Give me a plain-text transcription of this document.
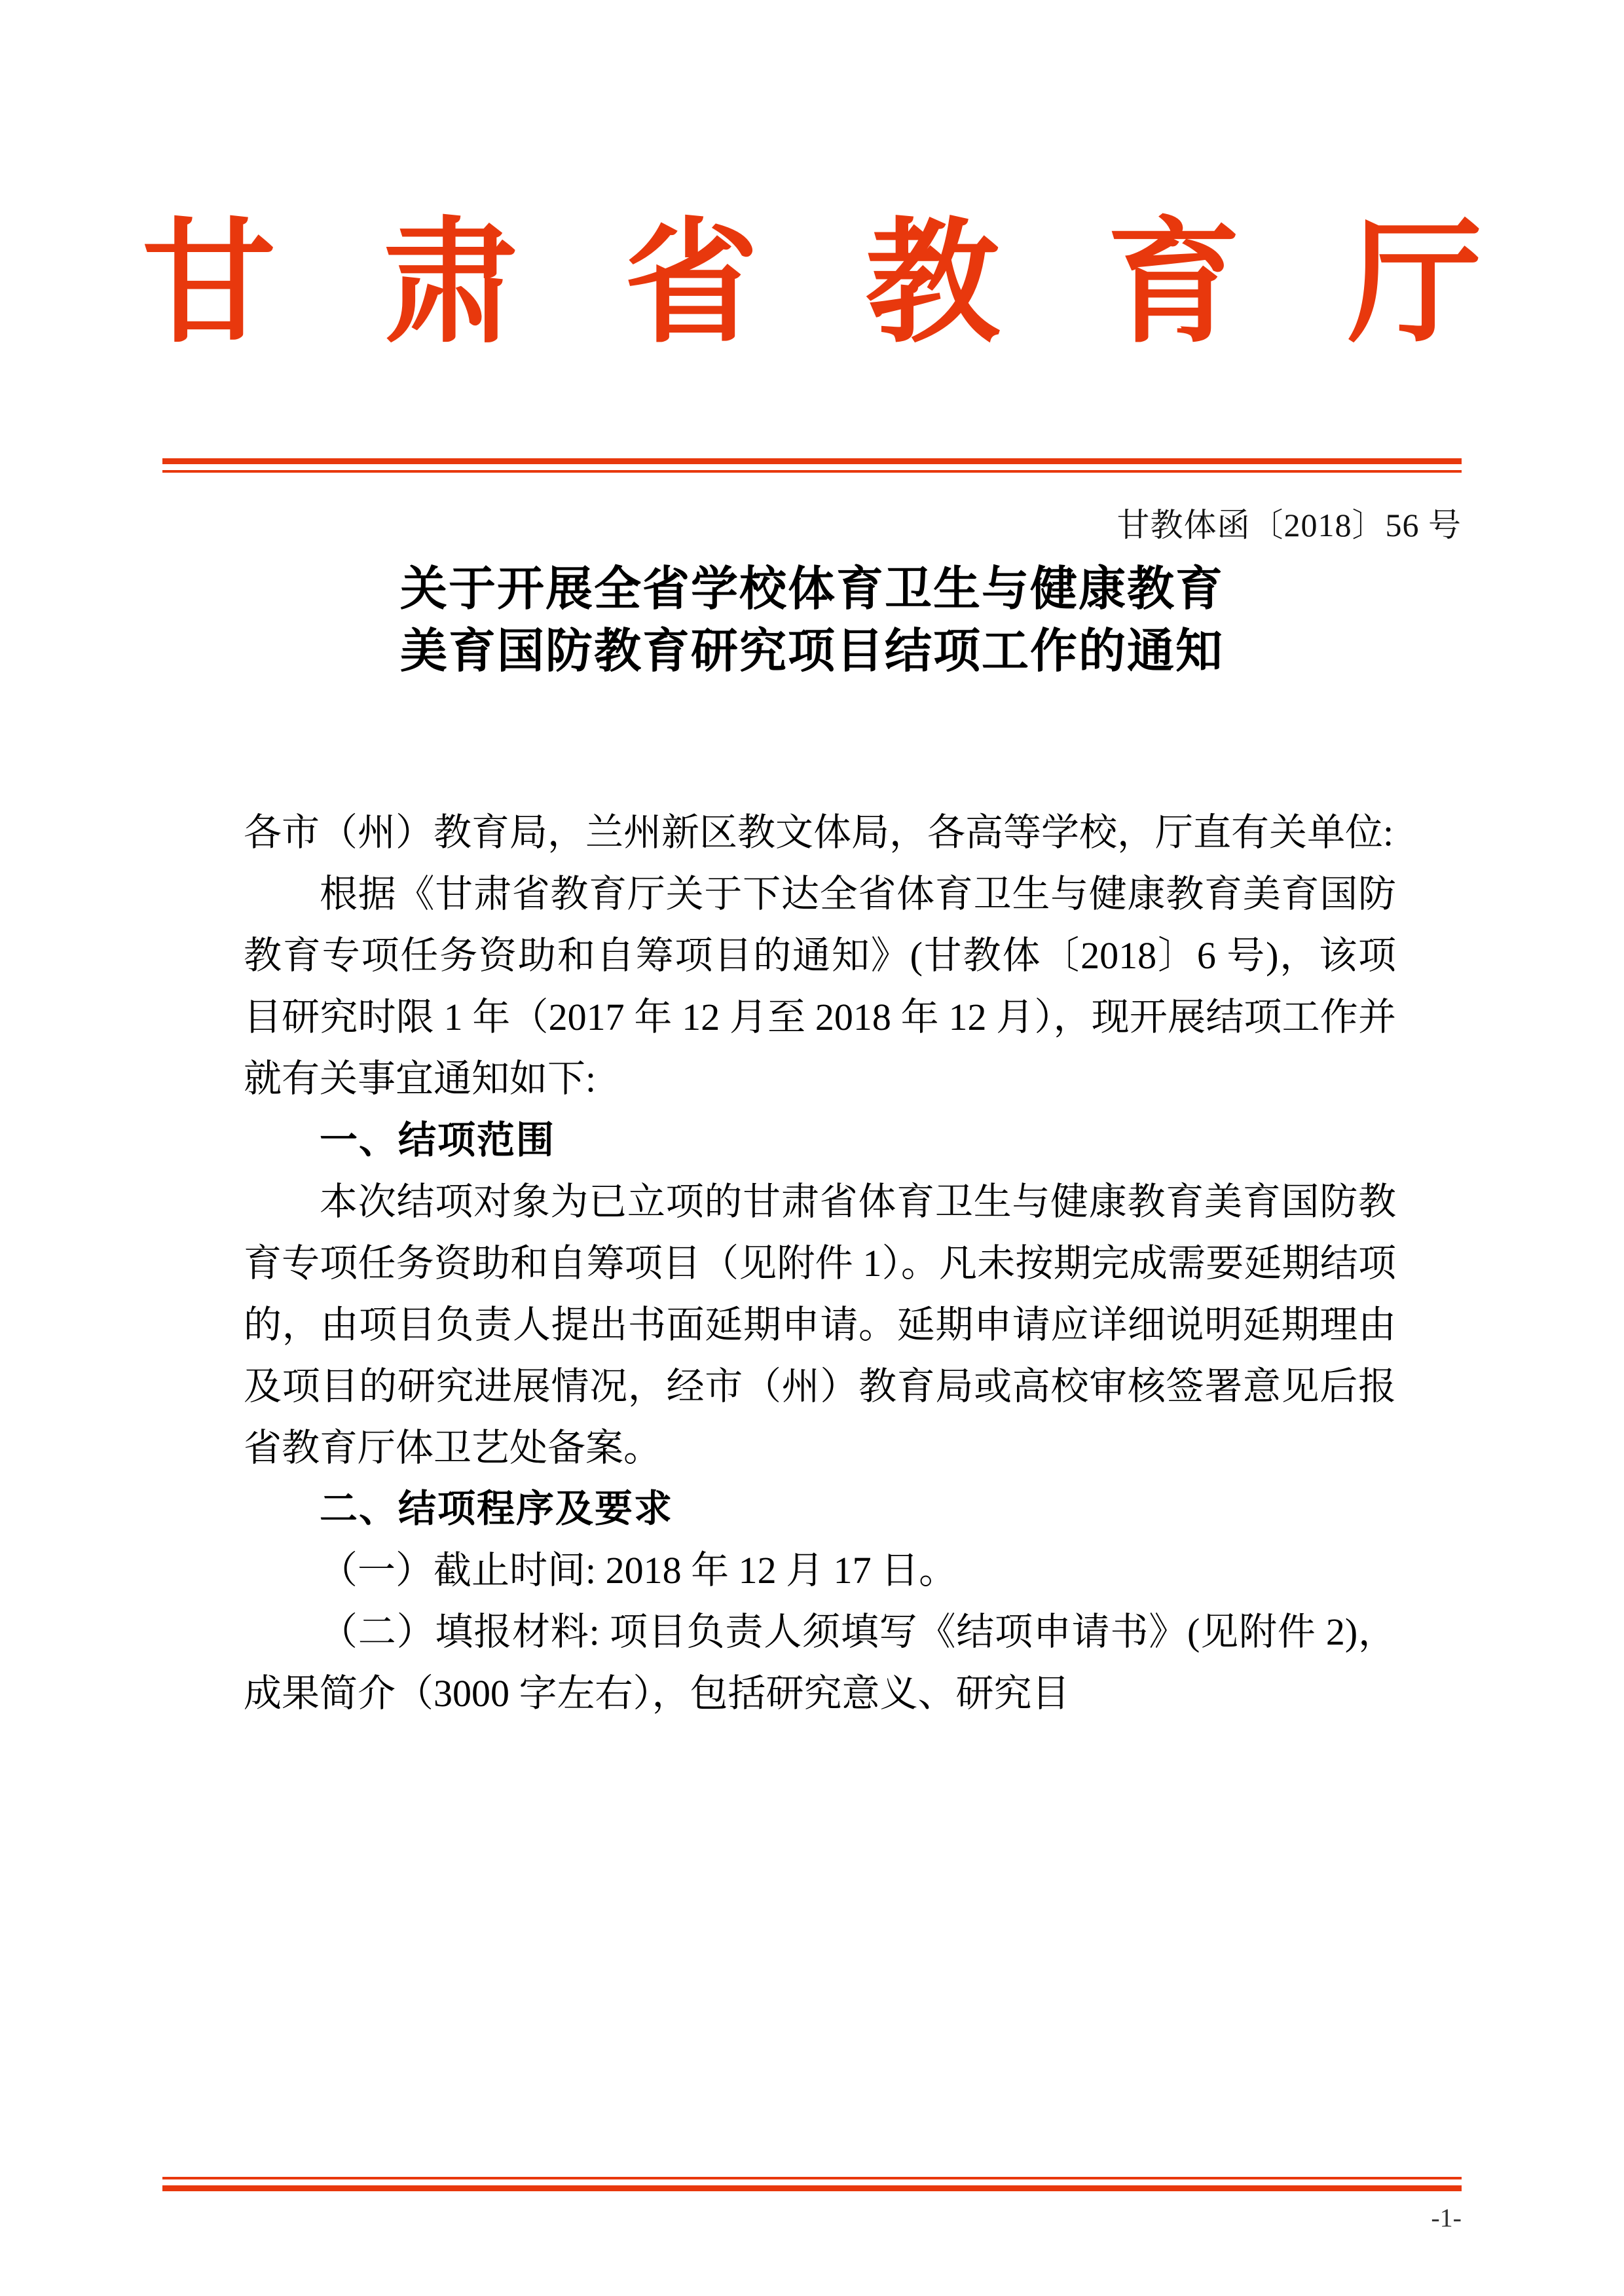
甘 肃 省 教 育 厅
甘教体函〔2018〕56 号
关于开展全省学校体育卫生与健康教育
美育国防教育研究项目结项工作的通知

各市（州）教育局，兰州新区教文体局，各高等学校，厅直有关单位:

根据《甘肃省教育厅关于下达全省体育卫生与健康教育美育国防教育专项任务资助和自筹项目的通知》(甘教体〔2018〕6 号)，该项目研究时限 1 年（2017 年 12 月至 2018 年 12 月），现开展结项工作并就有关事宜通知如下:

一、结项范围

本次结项对象为已立项的甘肃省体育卫生与健康教育美育国防教育专项任务资助和自筹项目（见附件 1）。凡未按期完成需要延期结项的，由项目负责人提出书面延期申请。延期申请应详细说明延期理由及项目的研究进展情况，经市（州）教育局或高校审核签署意见后报省教育厅体卫艺处备案。

二、结项程序及要求

（一）截止时间: 2018 年 12 月 17 日。

（二）填报材料: 项目负责人须填写《结项申请书》(见附件 2)，成果简介（3000 字左右），包括研究意义、研究目

-1-
